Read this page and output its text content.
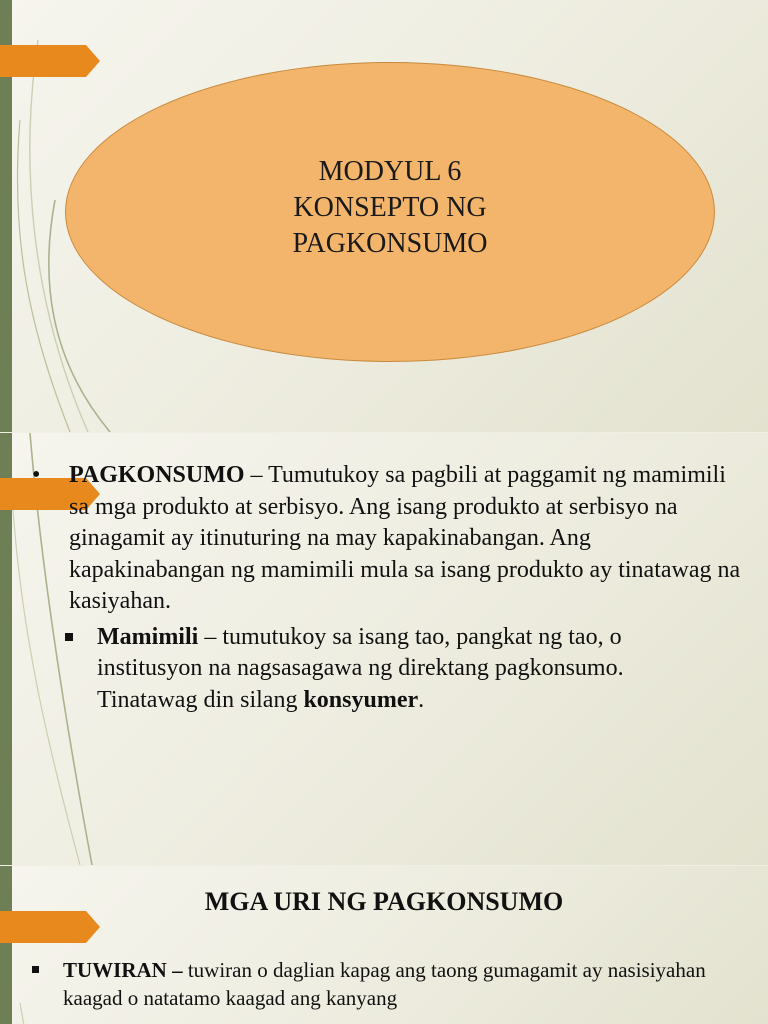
MODYUL 6
KONSEPTO NG
PAGKONSUMO
• PAGKONSUMO – Tumutukoy sa pagbili at paggamit ng mamimili sa mga produkto at serbisyo. Ang isang produkto at serbisyo na ginagamit ay itinuturing na may kapakinabangan. Ang kapakinabangan ng mamimili mula sa isang produkto ay tinatawag na kasiyahan.
Mamimili – tumutukoy sa isang tao, pangkat ng tao, o institusyon na nagsasagawa ng direktang pagkonsumo. Tinatawag din silang konsyumer.
MGA URI NG PAGKONSUMO
TUWIRAN – tuwiran o daglian kapag ang taong gumagamit ay nasisiyahan kaagad o natatamo kaagad ang kanyang
